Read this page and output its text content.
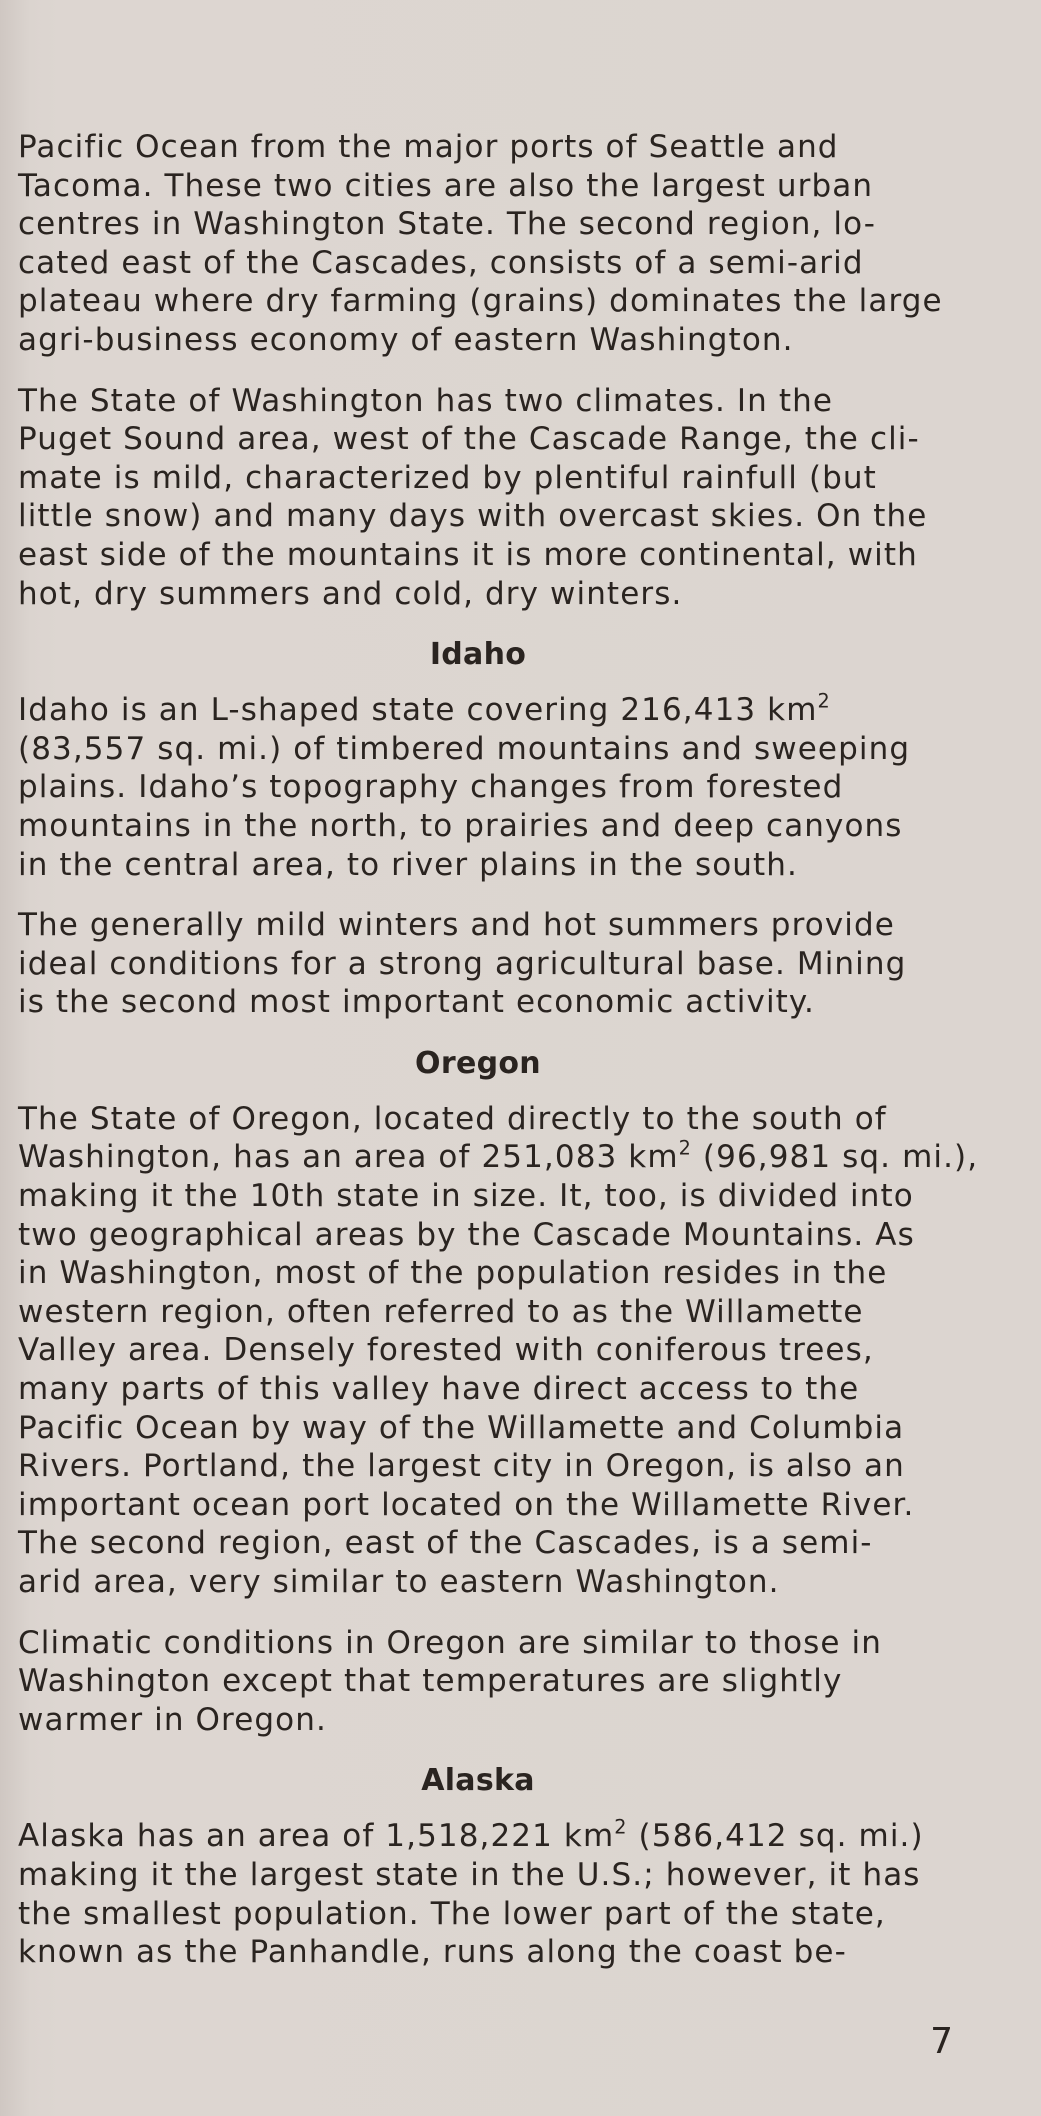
Pacific Ocean from the major ports of Seattle and
Tacoma. These two cities are also the largest urban
centres in Washington State. The second region, lo-
cated east of the Cascades, consists of a semi-arid
plateau where dry farming (grains) dominates the large
agri-business economy of eastern Washington.

The State of Washington has two climates. In the
Puget Sound area, west of the Cascade Range, the cli-
mate is mild, characterized by plentiful rainfull (but
little snow) and many days with overcast skies. On the
east side of the mountains it is more continental, with
hot, dry summers and cold, dry winters.

Idaho

Idaho is an L-shaped state covering 216,413 $km^2$
(83,557 sq. mi.) of timbered mountains and sweeping
plains. Idaho’s topography changes from forested
mountains in the north, to prairies and deep canyons
in the central area, to river plains in the south.

The generally mild winters and hot summers provide
ideal conditions for a strong agricultural base. Mining
is the second most important economic activity.

Oregon

The State of Oregon, located directly to the south of
Washington, has an area of 251,083 $km^2$ (96,981 sq. mi.),
making it the 10th state in size. It, too, is divided into
two geographical areas by the Cascade Mountains. As
in Washington, most of the population resides in the
western region, often referred to as the Willamette
Valley area. Densely forested with coniferous trees,
many parts of this valley have direct access to the
Pacific Ocean by way of the Willamette and Columbia
Rivers. Portland, the largest city in Oregon, is also an
important ocean port located on the Willamette River.
The second region, east of the Cascades, is a semi-
arid area, very similar to eastern Washington.

Climatic conditions in Oregon are similar to those in
Washington except that temperatures are slightly
warmer in Oregon.

Alaska

Alaska has an area of 1,518,221 $km^2$ (586,412 sq. mi.)
making it the largest state in the U.S.; however, it has
the smallest population. The lower part of the state,
known as the Panhandle, runs along the coast be-

7
